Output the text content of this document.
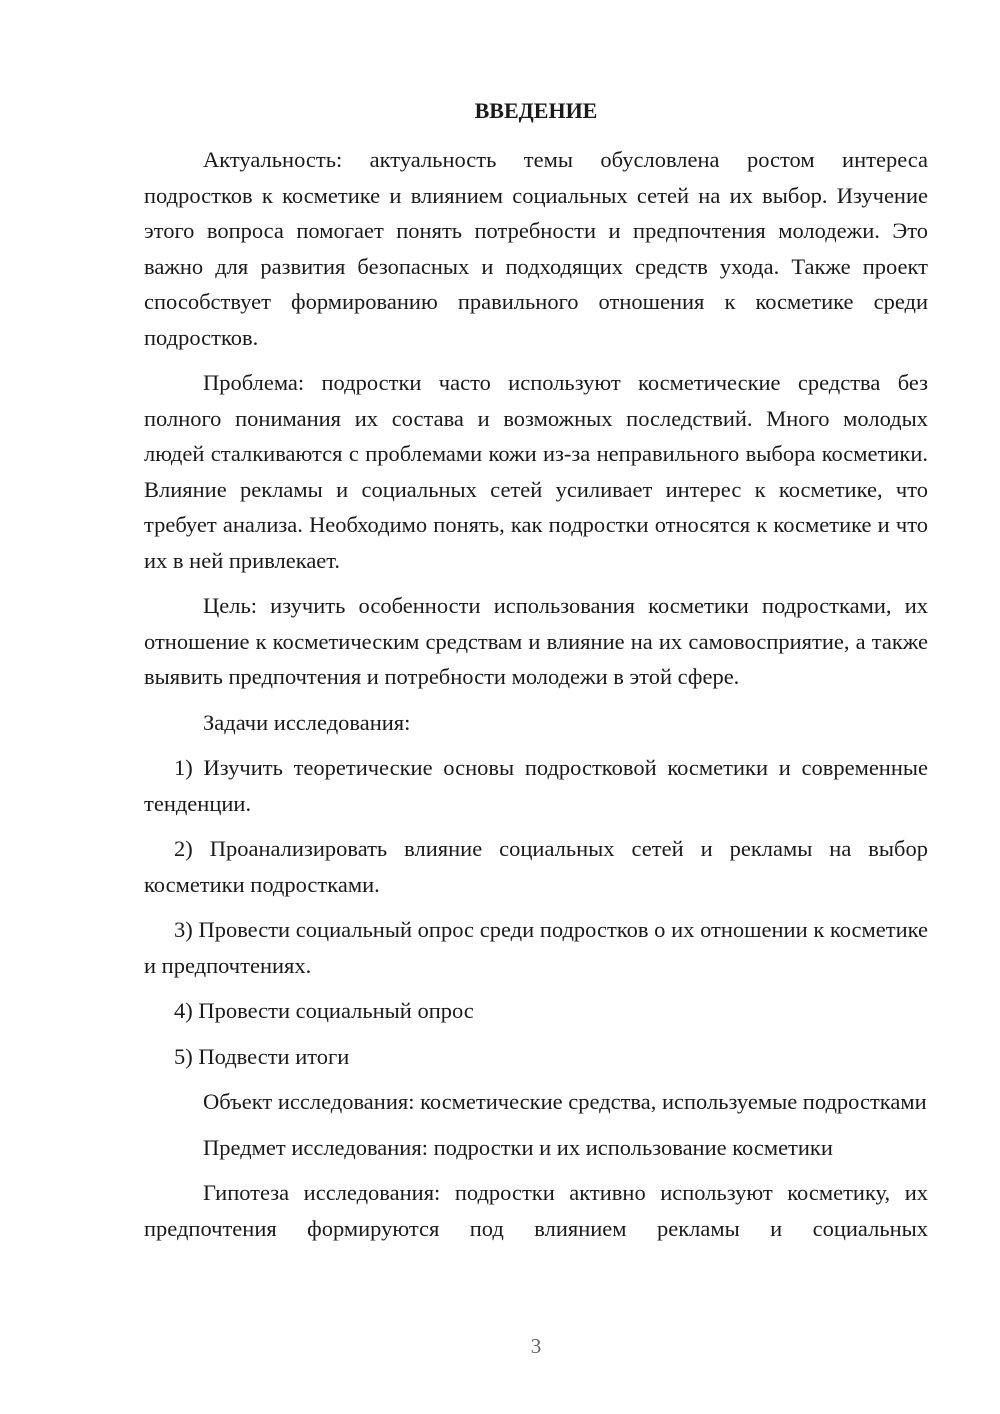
ВВЕДЕНИЕ

Актуальность: актуальность темы обусловлена ростом интереса подростков к косметике и влиянием социальных сетей на их выбор. Изучение этого вопроса помогает понять потребности и предпочтения молодежи. Это важно для развития безопасных и подходящих средств ухода. Также проект способствует формированию правильного отношения к косметике среди подростков.

Проблема: подростки часто используют косметические средства без полного понимания их состава и возможных последствий. Много молодых людей сталкиваются с проблемами кожи из-за неправильного выбора косметики. Влияние рекламы и социальных сетей усиливает интерес к косметике, что требует анализа. Необходимо понять, как подростки относятся к косметике и что их в ней привлекает.

Цель: изучить особенности использования косметики подростками, их отношение к косметическим средствам и влияние на их самовосприятие, а также выявить предпочтения и потребности молодежи в этой сфере.

Задачи исследования:

1) Изучить теоретические основы подростковой косметики и современные тенденции.

2) Проанализировать влияние социальных сетей и рекламы на выбор косметики подростками.

3) Провести социальный опрос среди подростков о их отношении к косметике и предпочтениях.

4) Провести социальный опрос

5) Подвести итоги

Объект исследования: косметические средства, используемые подростками

Предмет исследования: подростки и их использование косметики

Гипотеза исследования: подростки активно используют косметику, их предпочтения формируются под влиянием рекламы и социальных

3
